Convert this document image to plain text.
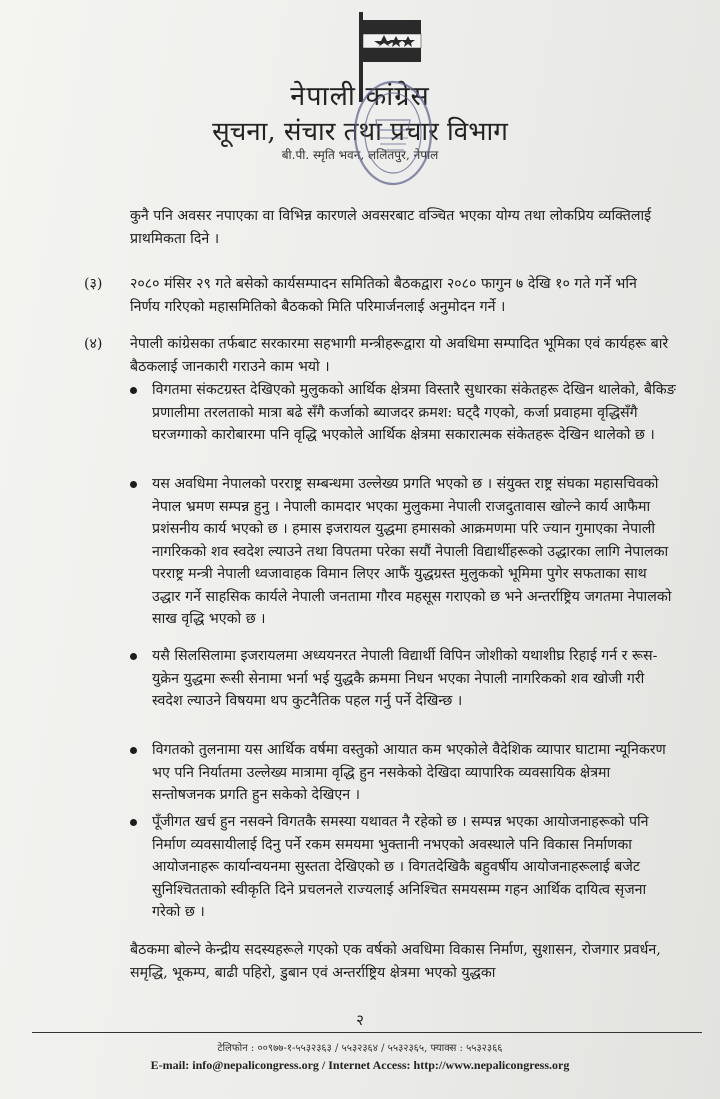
नेपाली कांग्रेस
सूचना, संचार तथा प्रचार विभाग
बी.पी. स्मृति भवन, ललितपुर, नेपाल
कुनै पनि अवसर नपाएका वा विभिन्न कारणले अवसरबाट वञ्चित भएका योग्य तथा लोकप्रिय व्यक्तिलाई प्राथमिकता दिने ।
(३)	२०८० मंसिर २९ गते बसेको कार्यसम्पादन समितिको बैठकद्वारा २०८० फागुन ७ देखि १० गते गर्ने भनि निर्णय गरिएको महासमितिको बैठकको मिति परिमार्जनलाई अनुमोदन गर्ने ।
(४)	नेपाली कांग्रेसका तर्फबाट सरकारमा सहभागी मन्त्रीहरूद्वारा यो अवधिमा सम्पादित भूमिका एवं कार्यहरू बारे बैठकलाई जानकारी गराउने काम भयो ।
विगतमा संकटग्रस्त देखिएको मुलुकको आर्थिक क्षेत्रमा विस्तारै सुधारका संकेतहरू देखिन थालेको, बैकिङ प्रणालीमा तरलताको मात्रा बढे सँगै कर्जाको ब्याजदर क्रमश: घट्दै गएको, कर्जा प्रवाहमा वृद्धिसँगै घरजग्गाको कारोबारमा पनि वृद्धि भएकोले आर्थिक क्षेत्रमा सकारात्मक संकेतहरू देखिन थालेको छ ।
यस अवधिमा नेपालको परराष्ट्र सम्बन्धमा उल्लेख्य प्रगति भएको छ । संयुक्त राष्ट्र संघका महासचिवको नेपाल भ्रमण सम्पन्न हुनु । नेपाली कामदार भएका मुलुकमा नेपाली राजदुतावास खोल्ने कार्य आफैमा प्रशंसनीय कार्य भएको छ । हमास इजरायल युद्धमा हमासको आक्रमणमा परि ज्यान गुमाएका नेपाली नागरिकको शव स्वदेश ल्याउने तथा विपतमा परेका सयौं नेपाली विद्यार्थीहरूको उद्धारका लागि नेपालका परराष्ट्र मन्त्री नेपाली ध्वजावाहक विमान लिएर आफैं युद्धग्रस्त मुलुकको भूमिमा पुगेर सफताका साथ उद्धार गर्ने साहसिक कार्यले नेपाली जनतामा गौरव महसूस गराएको छ भने अन्तर्राष्ट्रिय जगतमा नेपालको साख वृद्धि भएको छ ।
यसै सिलसिलामा इजरायलमा अध्ययनरत नेपाली विद्यार्थी विपिन जोशीको यथाशीघ्र रिहाई गर्न र रूस-युक्रेन युद्धमा रूसी सेनामा भर्ना भई युद्धकै क्रममा निधन भएका नेपाली नागरिकको शव खोजी गरी स्वदेश ल्याउने विषयमा थप कुटनैतिक पहल गर्नु पर्ने देखिन्छ ।
विगतको तुलनामा यस आर्थिक वर्षमा वस्तुको आयात कम भएकोले वैदेशिक व्यापार घाटामा न्यूनिकरण भए पनि निर्यातमा उल्लेख्य मात्रामा वृद्धि हुन नसकेको देखिदा व्यापारिक व्यवसायिक क्षेत्रमा सन्तोषजनक प्रगति हुन सकेको देखिएन ।
पूँजीगत खर्च हुन नसक्ने विगतकै समस्या यथावत नै रहेको छ । सम्पन्न भएका आयोजनाहरूको पनि निर्माण व्यवसायीलाई दिनु पर्ने रकम समयमा भुक्तानी नभएको अवस्थाले पनि विकास निर्माणका आयोजनाहरू कार्यान्वयनमा सुस्तता देखिएको छ । विगतदेखिकै बहुवर्षीय आयोजनाहरूलाई बजेट सुनिश्चितताको स्वीकृति दिने प्रचलनले राज्यलाई अनिश्चित समयसम्म गहन आर्थिक दायित्व सृजना गरेको छ ।
बैठकमा बोल्ने केन्द्रीय सदस्यहरूले गएको एक वर्षको अवधिमा विकास निर्माण, सुशासन, रोजगार प्रवर्धन, समृद्धि, भूकम्प, बाढी पहिरो, डुबान एवं अन्तर्राष्ट्रिय क्षेत्रमा भएको युद्धका
२
टेलिफोन : ००९७७-१-५५३२३६३ / ५५३२३६४ / ५५३२३६५, फ्याक्स : ५५३२३६६
E-mail: info@nepalicongress.org / Internet Access: http://www.nepalicongress.org
